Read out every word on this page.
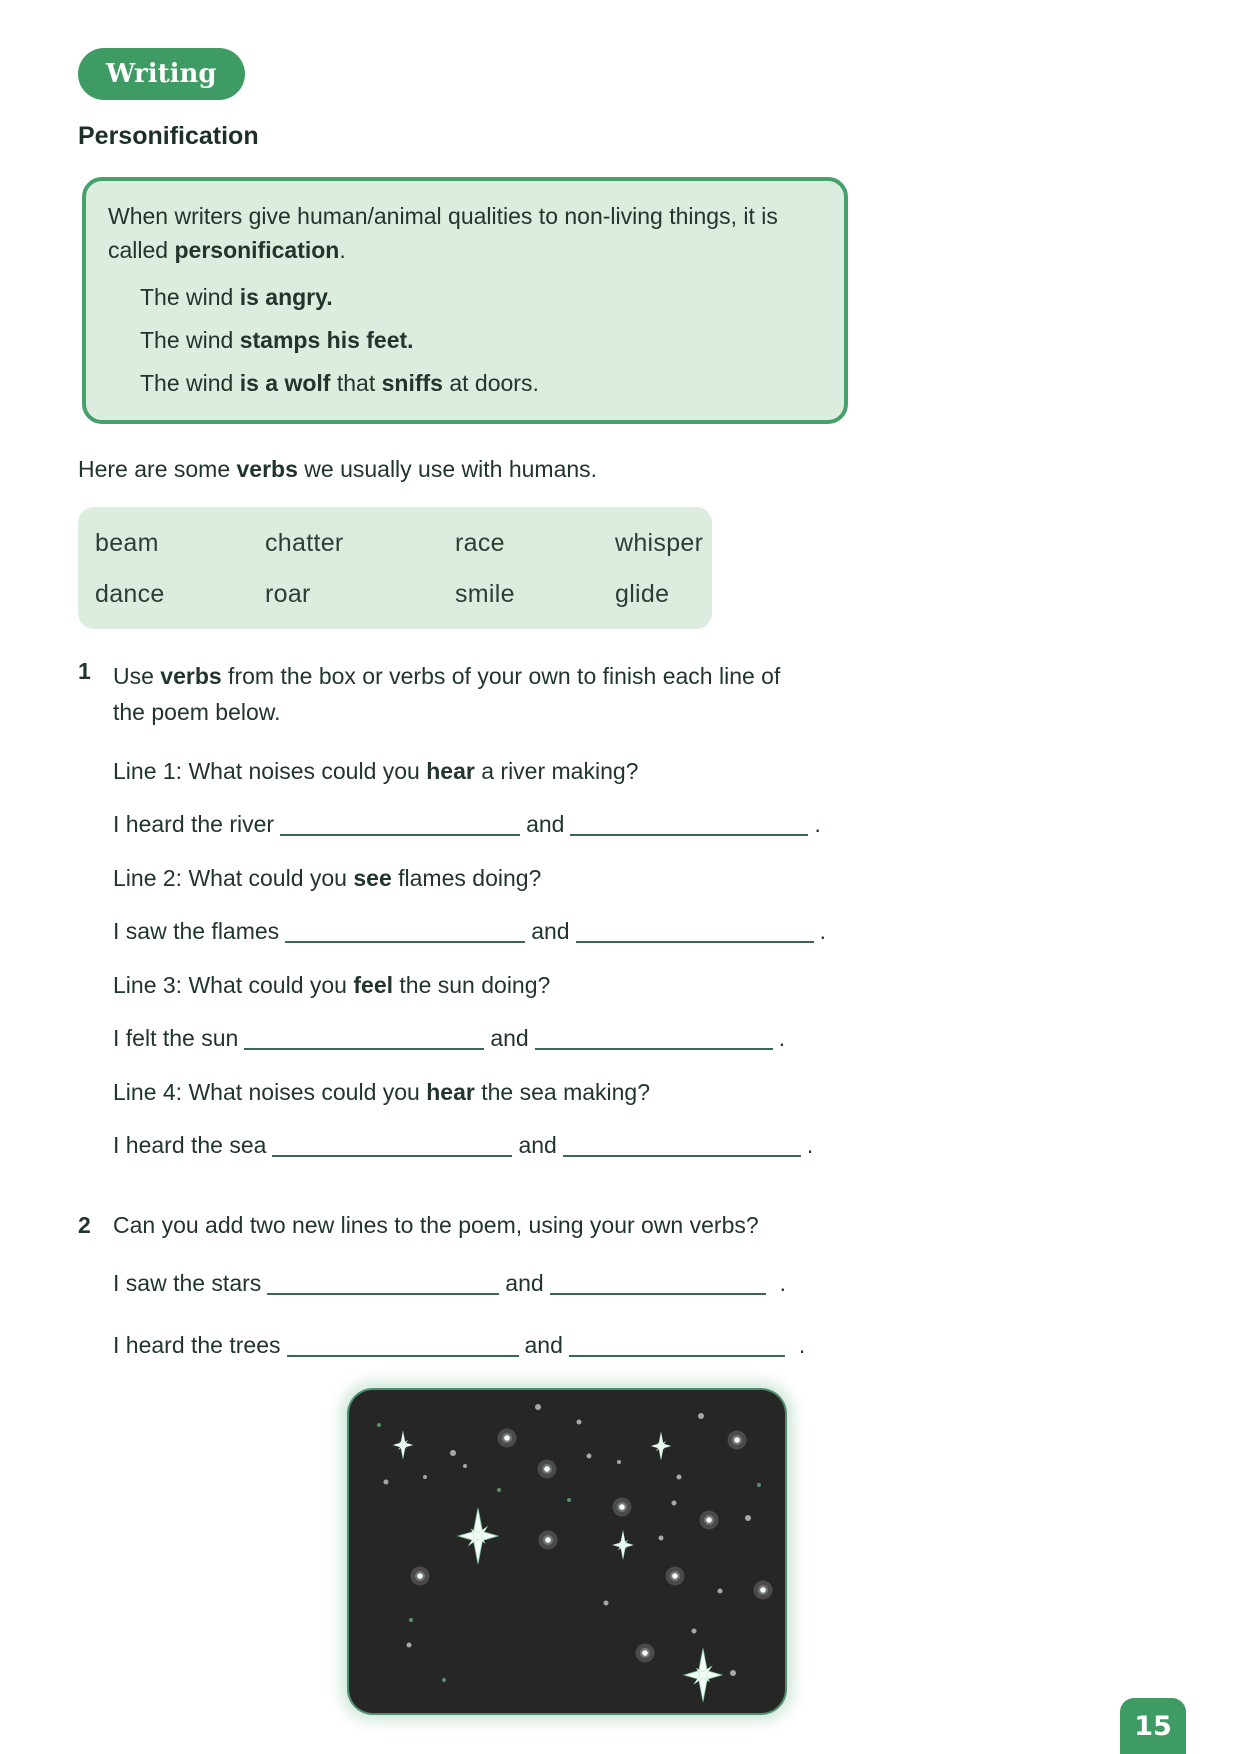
Writing
Personification
When writers give human/animal qualities to non-living things, it is
called personification.
The wind is angry.
The wind stamps his feet.
The wind is a wolf that sniffs at doors.
Here are some verbs we usually use with humans.
beam	chatter	race	whisper
dance	roar	smile	glide
1 Use verbs from the box or verbs of your own to finish each line of
the poem below.
Line 1: What noises could you hear a river making?
I heard the river	and	.
Line 2: What could you see flames doing?
I saw the flames	and	.
Line 3: What could you feel the sun doing?
I felt the sun	and	.
Line 4: What noises could you hear the sea making?
I heard the sea	and	.
2 Can you add two new lines to the poem, using your own verbs?
I saw the stars	and	.
I heard the trees	and	.
15
